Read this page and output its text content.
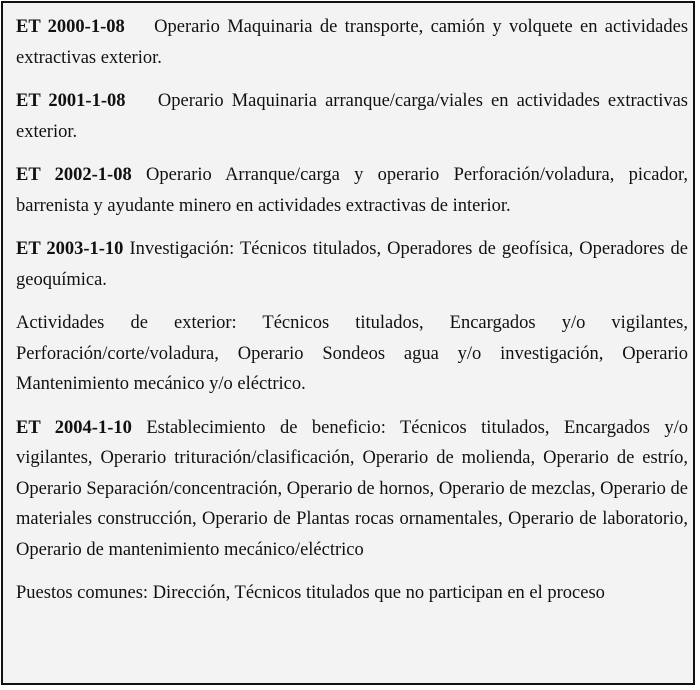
ET 2000-1-08 Operario Maquinaria de transporte, camión y volquete en actividades extractivas exterior.

ET 2001-1-08 Operario Maquinaria arranque/carga/viales en actividades extractivas exterior.

ET 2002-1-08 Operario Arranque/carga y operario Perforación/voladura, picador, barrenista y ayudante minero en actividades extractivas de interior.

ET 2003-1-10 Investigación: Técnicos titulados, Operadores de geofísica, Operadores de geoquímica.

Actividades de exterior: Técnicos titulados, Encargados y/o vigilantes, Perforación/corte/voladura, Operario Sondeos agua y/o investigación, Operario Mantenimiento mecánico y/o eléctrico.

ET 2004-1-10 Establecimiento de beneficio: Técnicos titulados, Encargados y/o vigilantes, Operario trituración/clasificación, Operario de molienda, Operario de estrío, Operario Separación/concentración, Operario de hornos, Operario de mezclas, Operario de materiales construcción, Operario de Plantas rocas ornamentales, Operario de laboratorio, Operario de mantenimiento mecánico/eléctrico

Puestos comunes: Dirección, Técnicos titulados que no participan en el proceso
